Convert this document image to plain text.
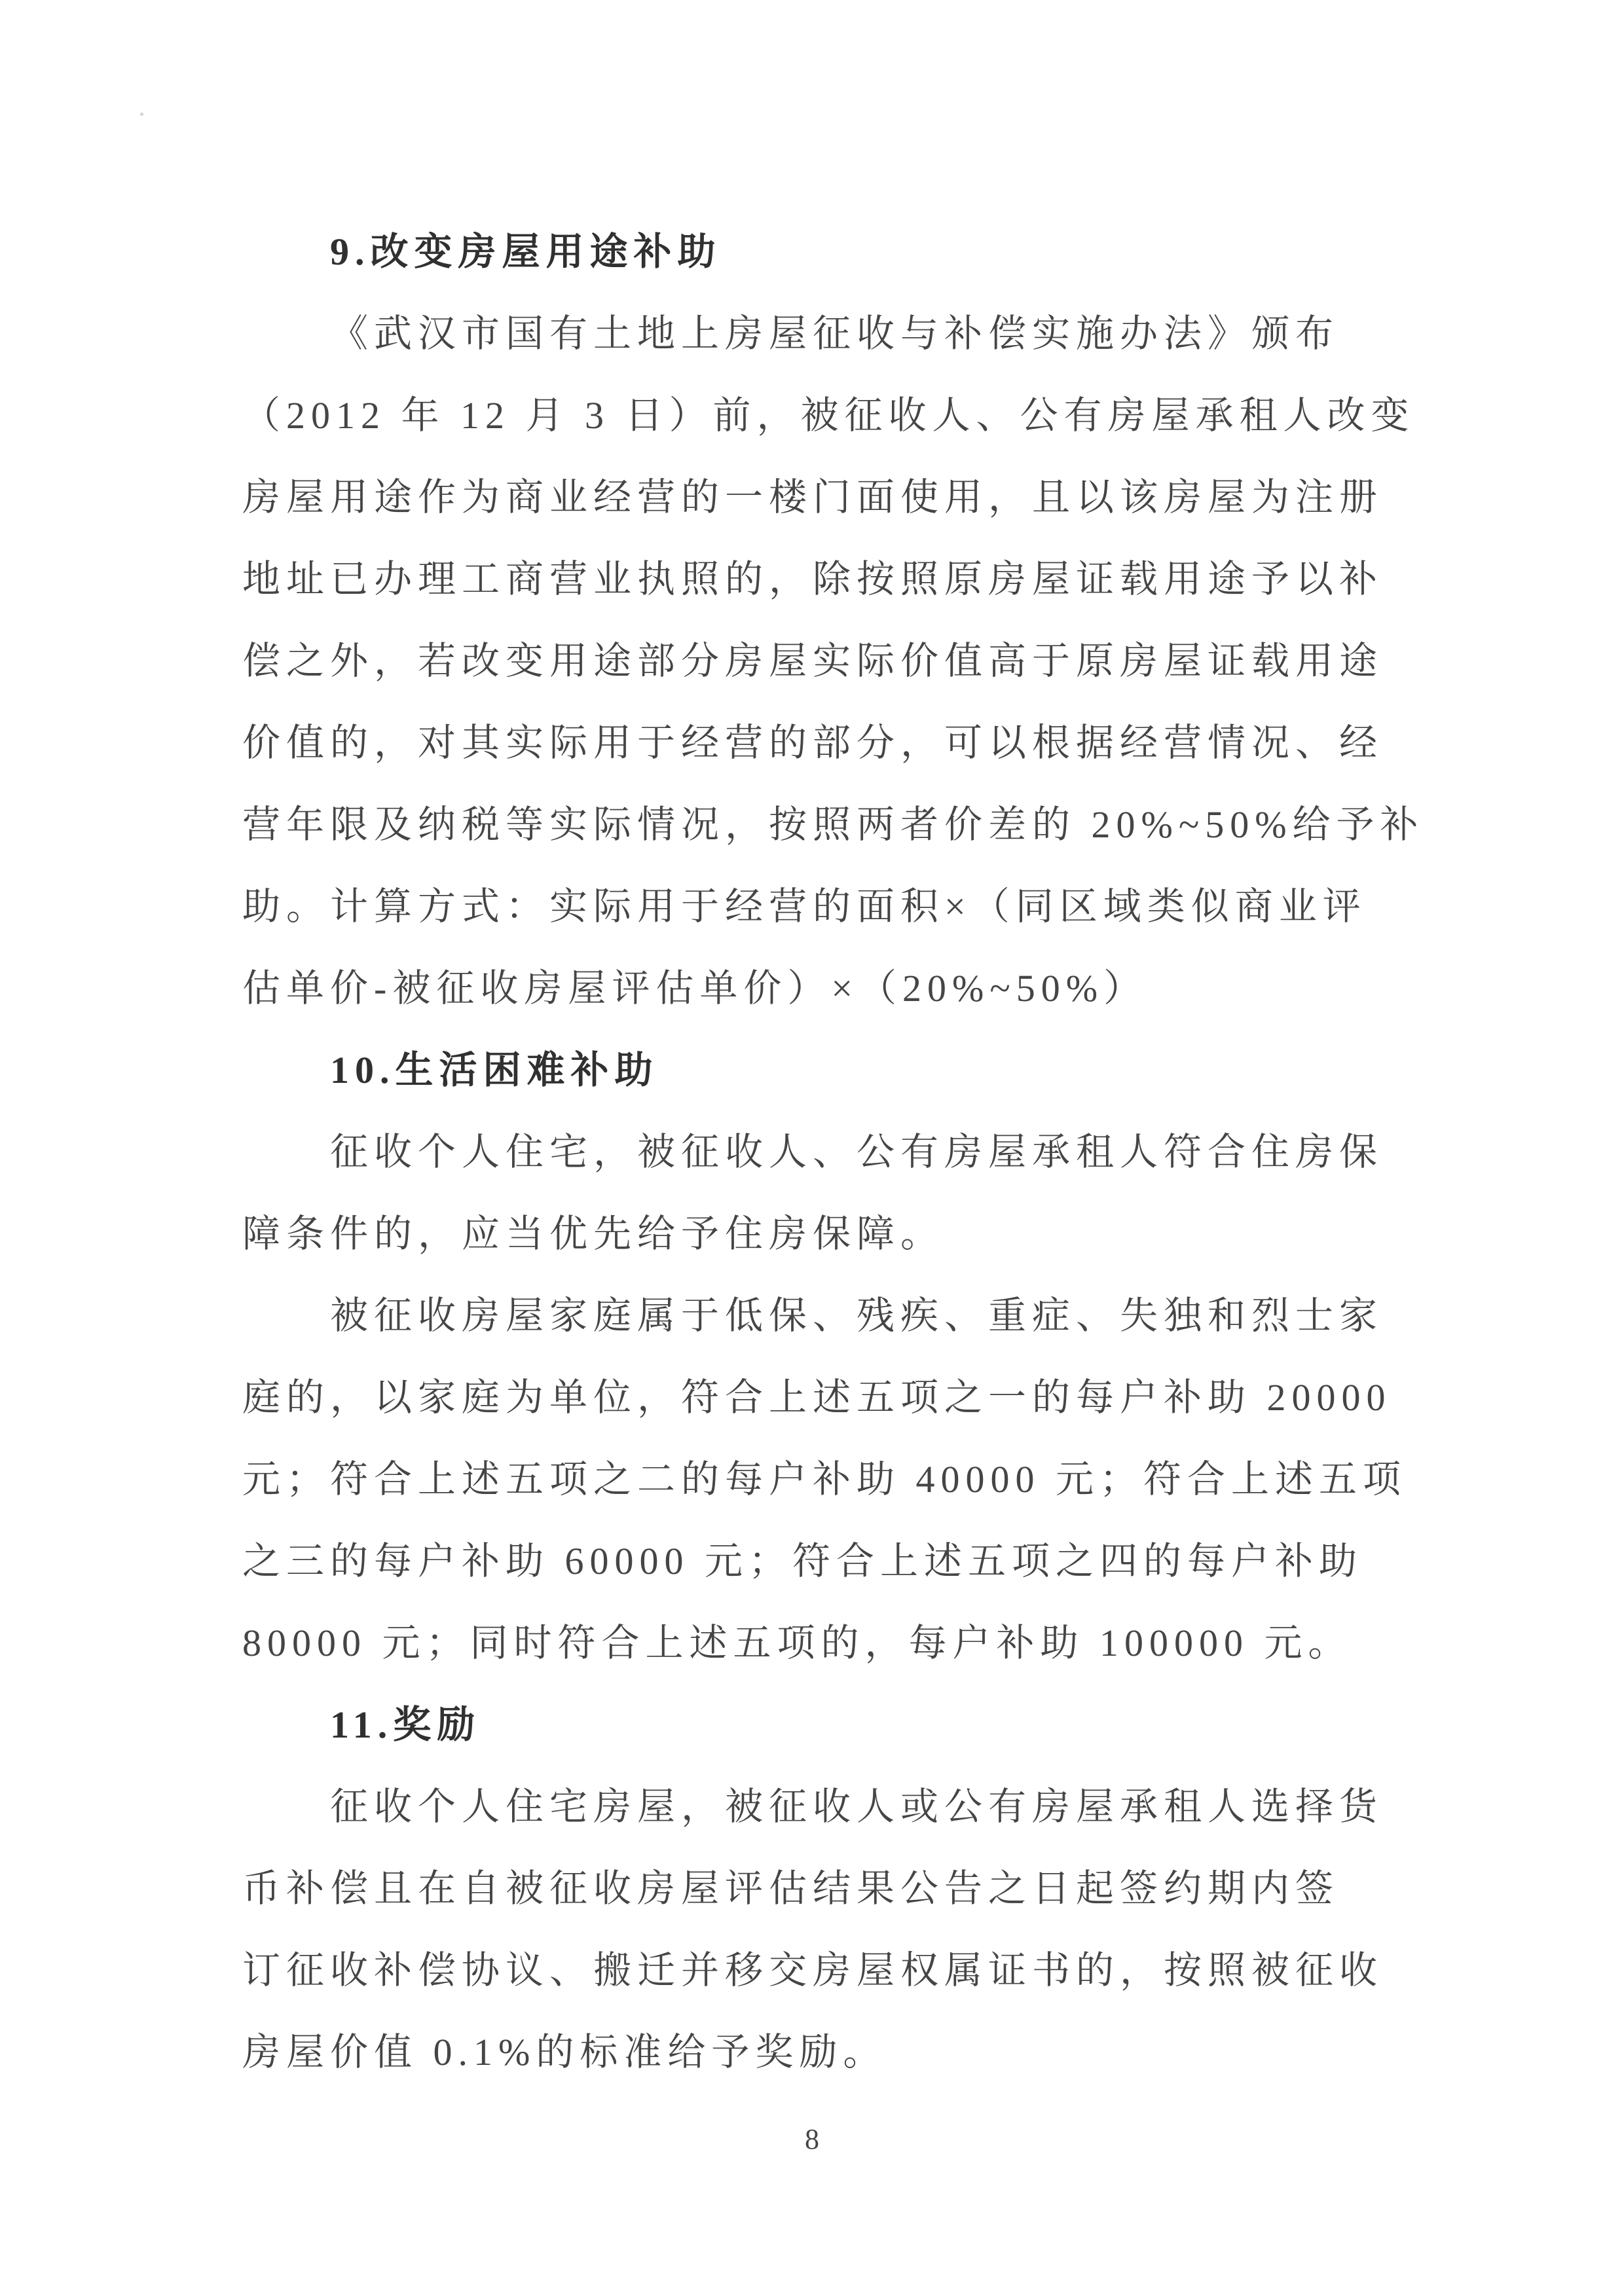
9.改变房屋用途补助
《武汉市国有土地上房屋征收与补偿实施办法》颁布
（2012 年 12 月 3 日）前，被征收人、公有房屋承租人改变
房屋用途作为商业经营的一楼门面使用，且以该房屋为注册
地址已办理工商营业执照的，除按照原房屋证载用途予以补
偿之外，若改变用途部分房屋实际价值高于原房屋证载用途
价值的，对其实际用于经营的部分，可以根据经营情况、经
营年限及纳税等实际情况，按照两者价差的 20%~50%给予补
助。计算方式：实际用于经营的面积×（同区域类似商业评
估单价-被征收房屋评估单价）×（20%~50%）
10.生活困难补助
征收个人住宅，被征收人、公有房屋承租人符合住房保
障条件的，应当优先给予住房保障。
被征收房屋家庭属于低保、残疾、重症、失独和烈士家
庭的，以家庭为单位，符合上述五项之一的每户补助 20000
元；符合上述五项之二的每户补助 40000 元；符合上述五项
之三的每户补助 60000 元；符合上述五项之四的每户补助
80000 元；同时符合上述五项的，每户补助 100000 元。
11.奖励
征收个人住宅房屋，被征收人或公有房屋承租人选择货
币补偿且在自被征收房屋评估结果公告之日起签约期内签
订征收补偿协议、搬迁并移交房屋权属证书的，按照被征收
房屋价值 0.1%的标准给予奖励。
8
